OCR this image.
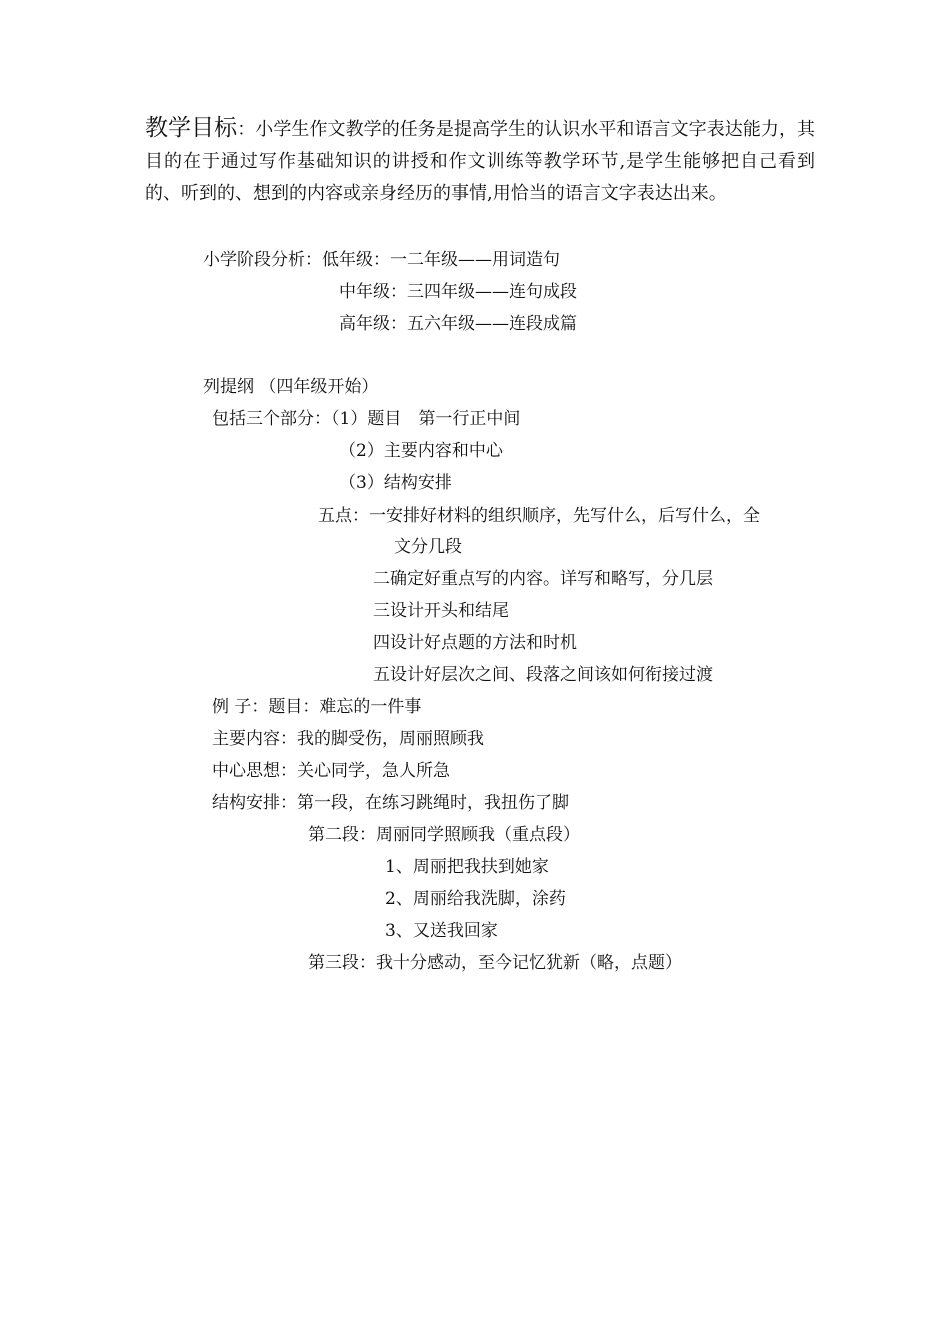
教学目标：小学生作文教学的任务是提高学生的认识水平和语言文字表达能力，其目的在于通过写作基础知识的讲授和作文训练等教学环节,是学生能够把自己看到的、听到的、想到的内容或亲身经历的事情,用恰当的语言文字表达出来。
小学阶段分析：低年级：一二年级——用词造句
中年级：三四年级——连句成段
高年级：五六年级——连段成篇
列提纲 （四年级开始）
包括三个部分：（1）题目　第一行正中间
（2）主要内容和中心
（3）结构安排
五点：一安排好材料的组织顺序，先写什么，后写什么，全
文分几段
二确定好重点写的内容。详写和略写，分几层
三设计开头和结尾
四设计好点题的方法和时机
五设计好层次之间、段落之间该如何衔接过渡
例 子：题目：难忘的一件事
主要内容：我的脚受伤，周丽照顾我
中心思想：关心同学，急人所急
结构安排：第一段，在练习跳绳时，我扭伤了脚
第二段：周丽同学照顾我（重点段）
1、周丽把我扶到她家
2、周丽给我洗脚，涂药
3、又送我回家
第三段：我十分感动，至今记忆犹新（略，点题）
